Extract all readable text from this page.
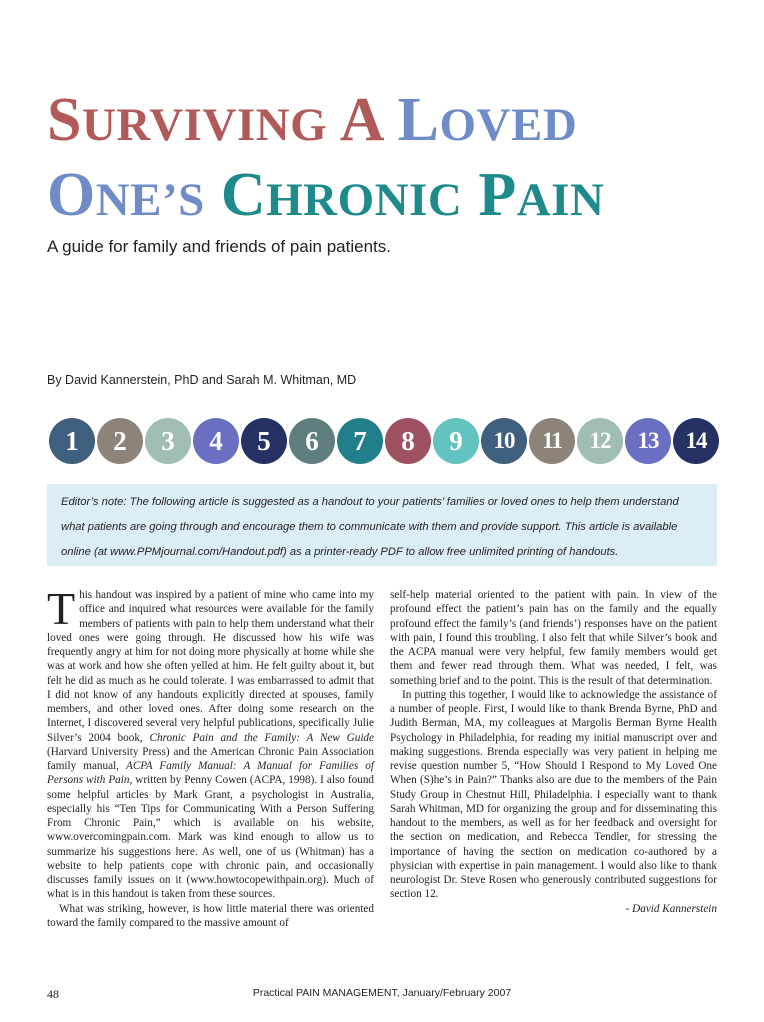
SURVIVING A LOVED
ONE’S CHRONIC PAIN
A guide for family and friends of pain patients.
By David Kannerstein, PhD and Sarah M. Whitman, MD
1	2	3	4	5	6	7	8	9	10	11	12	13	14
Editor’s note: The following article is suggested as a handout to your patients’ families or loved ones to help them understand what patients are going through and encourage them to communicate with them and provide support. This article is available online (at www.PPMjournal.com/Handout.pdf) as a printer-ready PDF to allow free unlimited printing of handouts.

This handout was inspired by a patient of mine who came into my office and inquired what resources were available for the family members of patients with pain to help them understand what their loved ones were going through. He discussed how his wife was frequently angry at him for not doing more physically at home while she was at work and how she often yelled at him. He felt guilty about it, but felt he did as much as he could tolerate. I was embarrassed to admit that I did not know of any handouts explicitly directed at spouses, family members, and other loved ones. After doing some research on the Internet, I discovered several very helpful publications, specifically Julie Silver’s 2004 book, Chronic Pain and the Family: A New Guide (Harvard University Press) and the American Chronic Pain Association family manual, ACPA Family Manual: A Manual for Families of Persons with Pain, written by Penny Cowen (ACPA, 1998). I also found some helpful articles by Mark Grant, a psychologist in Australia, especially his “Ten Tips for Communicating With a Person Suffering From Chronic Pain,” which is available on his website, www.overcomingpain.com. Mark was kind enough to allow us to summarize his suggestions here. As well, one of us (Whitman) has a website to help patients cope with chronic pain, and occasionally discusses family issues on it (www.howtocopewithpain.org). Much of what is in this handout is taken from these sources.

What was striking, however, is how little material there was oriented toward the family compared to the massive amount of

self-help material oriented to the patient with pain. In view of the profound effect the patient’s pain has on the family and the equally profound effect the family’s (and friends’) responses have on the patient with pain, I found this troubling. I also felt that while Silver’s book and the ACPA manual were very helpful, few family members would get them and fewer read through them. What was needed, I felt, was something brief and to the point. This is the result of that determination.

In putting this together, I would like to acknowledge the assistance of a number of people. First, I would like to thank Brenda Byrne, PhD and Judith Berman, MA, my colleagues at Margolis Berman Byrne Health Psychology in Philadelphia, for reading my initial manuscript over and making suggestions. Brenda especially was very patient in helping me revise question number 5, “How Should I Respond to My Loved One When (S)he’s in Pain?” Thanks also are due to the members of the Pain Study Group in Chestnut Hill, Philadelphia. I especially want to thank Sarah Whitman, MD for organizing the group and for disseminating this handout to the members, as well as for her feedback and oversight for the section on medication, and Rebecca Tendler, for stressing the importance of having the section on medication co-authored by a physician with expertise in pain management. I would also like to thank neurologist Dr. Steve Rosen who generously contributed suggestions for section 12.

- David Kannerstein
48	Practical PAIN MANAGEMENT, January/February 2007
